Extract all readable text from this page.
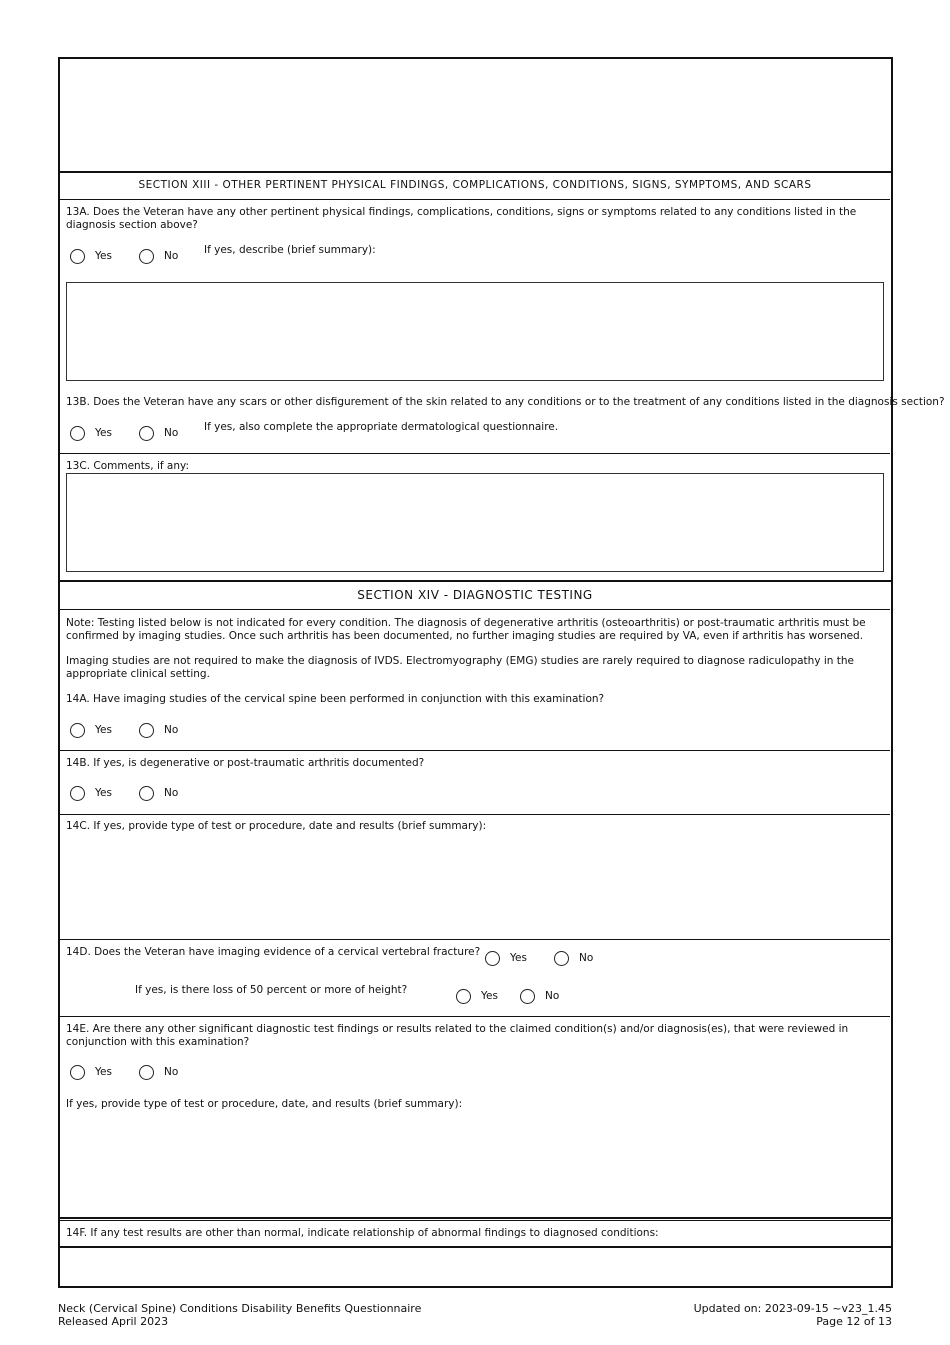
SECTION XIII - OTHER PERTINENT PHYSICAL FINDINGS, COMPLICATIONS, CONDITIONS, SIGNS, SYMPTOMS, AND SCARS
13A. Does the Veteran have any other pertinent physical findings, complications, conditions, signs or symptoms related to any conditions listed in the diagnosis section above?
Yes	No If yes, describe (brief summary):
13B. Does the Veteran have any scars or other disfigurement of the skin related to any conditions or to the treatment of any conditions listed in the diagnosis section?
Yes	No If yes, also complete the appropriate dermatological questionnaire.
13C. Comments, if any:
SECTION XIV - DIAGNOSTIC TESTING
Note: Testing listed below is not indicated for every condition. The diagnosis of degenerative arthritis (osteoarthritis) or post-traumatic arthritis must be confirmed by imaging studies. Once such arthritis has been documented, no further imaging studies are required by VA, even if arthritis has worsened.
Imaging studies are not required to make the diagnosis of IVDS. Electromyography (EMG) studies are rarely required to diagnose radiculopathy in the appropriate clinical setting.
14A. Have imaging studies of the cervical spine been performed in conjunction with this examination?
Yes	No
14B. If yes, is degenerative or post-traumatic arthritis documented?
Yes	No
14C. If yes, provide type of test or procedure, date and results (brief summary):
14D. Does the Veteran have imaging evidence of a cervical vertebral fracture?	Yes	No
If yes, is there loss of 50 percent or more of height?	Yes	No
14E. Are there any other significant diagnostic test findings or results related to the claimed condition(s) and/or diagnosis(es), that were reviewed in conjunction with this examination?
Yes	No
If yes, provide type of test or procedure, date, and results (brief summary):
14F. If any test results are other than normal, indicate relationship of abnormal findings to diagnosed conditions:
Neck (Cervical Spine) Conditions Disability Benefits Questionnaire
Released April 2023
Updated on: 2023-09-15 ~v23_1.45
Page 12 of 13
